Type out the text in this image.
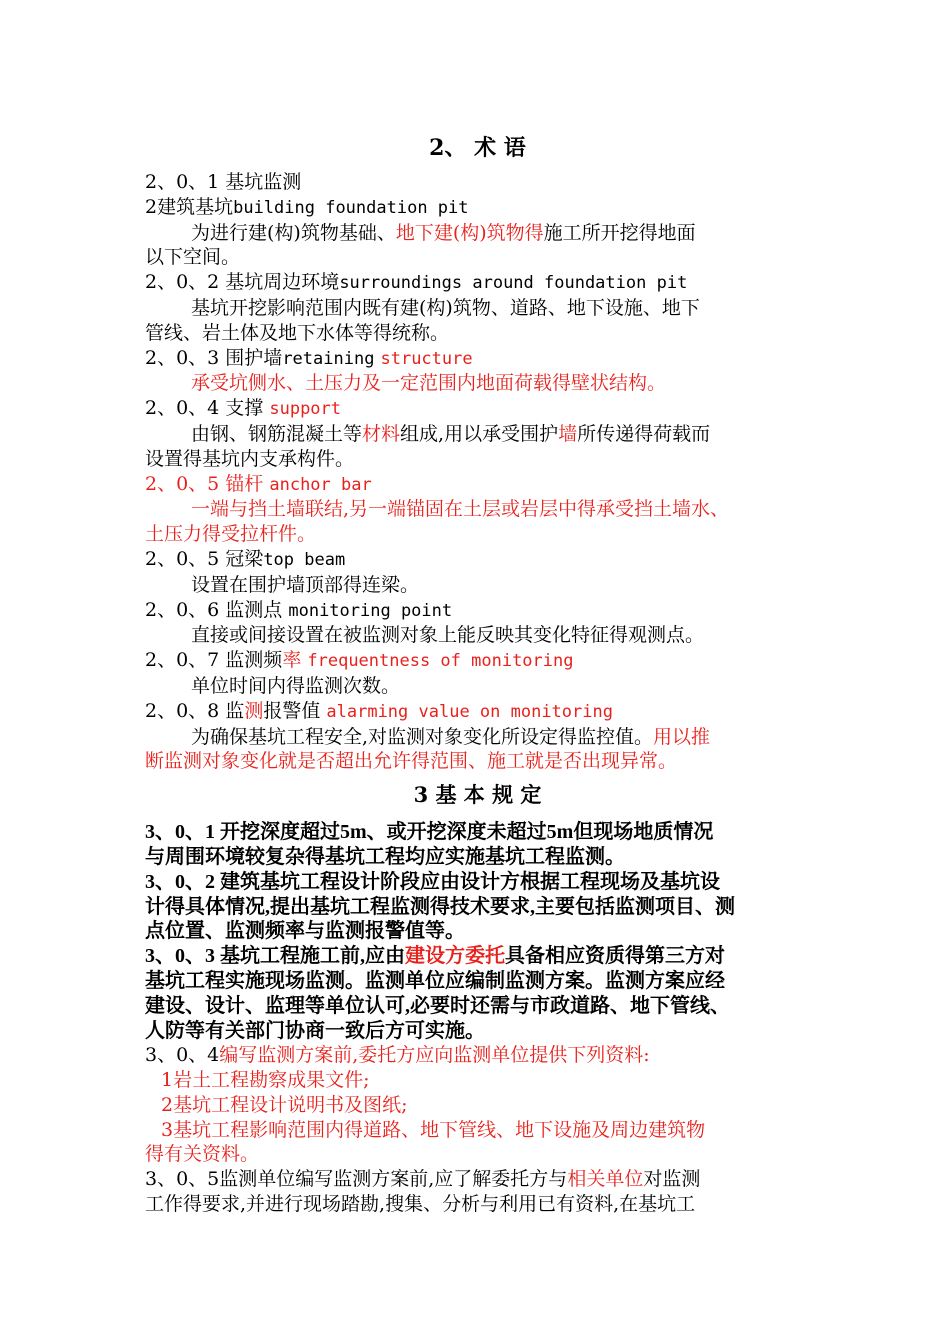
2、 术 语
2、0、1 基坑监测
2建筑基坑building foundation pit
为进行建(构)筑物基础、地下建(构)筑物得施工所开挖得地面
以下空间。
2、0、2 基坑周边环境surroundings around foundation pit
基坑开挖影响范围内既有建(构)筑物、道路、地下设施、地下
管线、岩土体及地下水体等得统称。
2、0、3 围护墙retaining structure
承受坑侧水、土压力及一定范围内地面荷载得壁状结构。
2、0、4 支撑 support
由钢、钢筋混凝土等材料组成,用以承受围护墙所传递得荷载而
设置得基坑内支承构件。
2、0、5 锚杆 anchor bar
一端与挡土墙联结,另一端锚固在土层或岩层中得承受挡土墙水、
土压力得受拉杆件。
2、0、5 冠梁top beam
设置在围护墙顶部得连梁。
2、0、6 监测点 monitoring point
直接或间接设置在被监测对象上能反映其变化特征得观测点。
2、0、7 监测频率 frequentness of monitoring
单位时间内得监测次数。
2、0、8 监测报警值 alarming value on monitoring
为确保基坑工程安全,对监测对象变化所设定得监控值。用以推
断监测对象变化就是否超出允许得范围、施工就是否出现异常。
3 基 本 规 定
3、0、1 开挖深度超过5m、或开挖深度未超过5m但现场地质情况
与周围环境较复杂得基坑工程均应实施基坑工程监测。
3、0、2 建筑基坑工程设计阶段应由设计方根据工程现场及基坑设
计得具体情况,提出基坑工程监测得技术要求,主要包括监测项目、测
点位置、监测频率与监测报警值等。
3、0、3 基坑工程施工前,应由建设方委托具备相应资质得第三方对
基坑工程实施现场监测。监测单位应编制监测方案。监测方案应经
建设、设计、监理等单位认可,必要时还需与市政道路、地下管线、
人防等有关部门协商一致后方可实施。
3、0、4编写监测方案前,委托方应向监测单位提供下列资料:
1岩土工程勘察成果文件;
2基坑工程设计说明书及图纸;
3基坑工程影响范围内得道路、地下管线、地下设施及周边建筑物
得有关资料。
3、0、5监测单位编写监测方案前,应了解委托方与相关单位对监测
工作得要求,并进行现场踏勘,搜集、分析与利用已有资料,在基坑工
